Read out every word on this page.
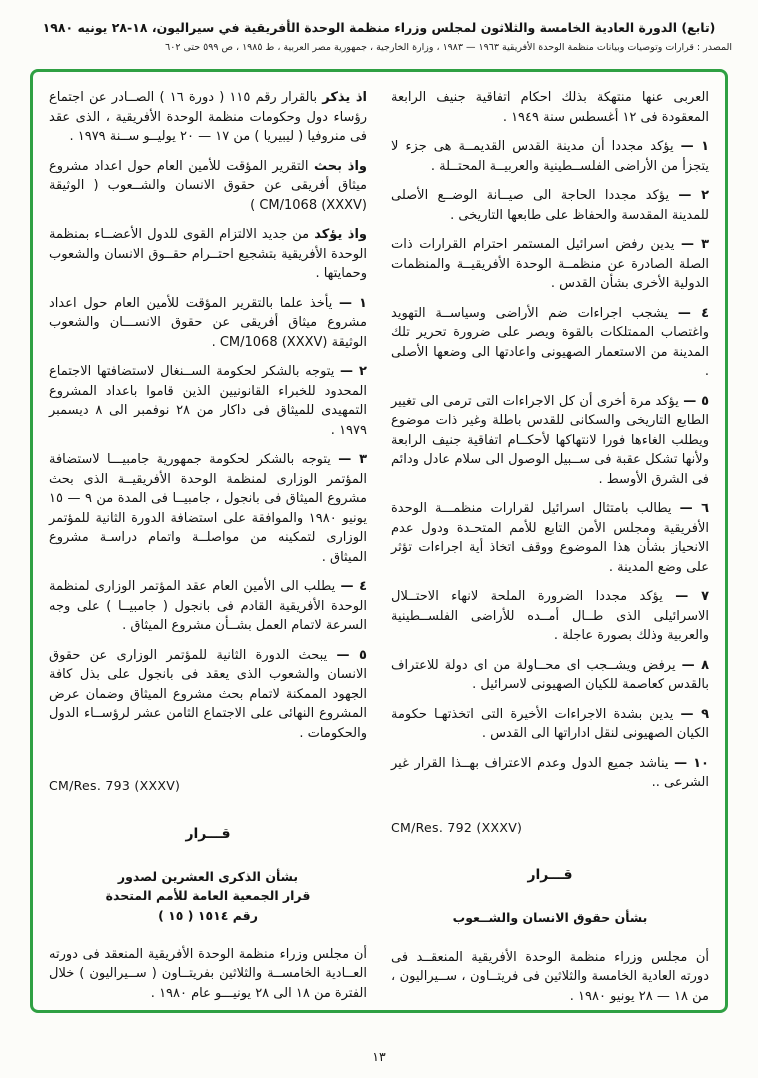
(تابع) الدورة العادية الخامسة والثلاثون لمجلس وزراء منظمة الوحدة الأفريقية في سيراليون، ١٨-٢٨ يونيه ١٩٨٠
المصدر : قرارات وتوصيات وبيانات منظمة الوحدة الأفريقية ١٩٦٣ — ١٩٨٣ ، وزارة الخارجية ، جمهورية مصر العربية ، ط ١٩٨٥ ، ص ٥٩٩ حتى ٦٠٢

العربى عنها منتهكة بذلك احكام اتفاقية جنيف الرابعة المعقودة فى ١٢ أغسطس سنة ١٩٤٩ .

١ — يؤكد مجددا أن مدينة القدس القديمــة هى جزء لا يتجزأ من الأراضى الفلســطينية والعربيــة المحتــلة .

٢ — يؤكد مجددا الحاجة الى صيــانة الوضــع الأصلى للمدينة المقدسة والحفاظ على طابعها التاريخى .

٣ — يدين رفض اسرائيل المستمر احترام القرارات ذات الصلة الصادرة عن منظمــة الوحدة الأفريقيــة والمنظمات الدولية الأخرى بشأن القدس .

٤ — يشجب اجراءات ضم الأراضى وسياســة التهويد واغتصاب الممتلكات بالقوة ويصر على ضرورة تحرير تلك المدينة من الاستعمار الصهيونى واعادتها الى وضعها الأصلى .

٥ — يؤكد مرة أخرى أن كل الاجراءات التى ترمى الى تغيير الطابع التاريخى والسكانى للقدس باطلة وغير ذات موضوع ويطلب الغاءها فورا لانتهاكها لأحكــام اتفاقية جنيف الرابعة ولأنها تشكل عقبة فى ســبيل الوصول الى سلام عادل ودائم فى الشرق الأوسط .

٦ — يطالب بامتثال اسرائيل لقرارات منظمـــة الوحدة الأفريقية ومجلس الأمن التابع للأمم المتحـدة ودول عدم الانحياز بشأن هذا الموضوع ووقف اتخاذ أية اجراءات تؤثر على وضع المدينة .

٧ — يؤكد مجددا الضرورة الملحة لانهاء الاحتــلال الاسرائيلى الذى طــال أمــده للأراضى الفلســطينية والعربية وذلك بصورة عاجلة .

٨ — يرفض ويشــجب اى محــاولة من اى دولة للاعتراف بالقدس كعاصمة للكيان الصهيونى لاسرائيل .

٩ — يدين بشدة الاجراءات الأخيرة التى اتخذتهـا حكومة الكيان الصهيونى لنقل اداراتها الى القدس .

١٠ — يناشد جميع الدول وعدم الاعتراف بهــذا القرار غير الشرعى ..

CM/Res. 792 (XXXV)
قـــرار
بشأن حقوق الانسان والشــعوب

أن مجلس وزراء منظمة الوحدة الأفريقية المنعقــد فى دورته العادية الخامسة والثلاثين فى فريتــاون ، ســيراليون ، من ١٨ — ٢٨ يونيو ١٩٨٠ .

اذ يذكر بالقرار رقم ١١٥ ( دورة ١٦ ) الصــادر عن اجتماع رؤساء دول وحكومات منظمة الوحدة الأفريقية ، الذى عقد فى منروفيا ( ليبيريا ) من ١٧ — ٢٠ يوليــو ســنة ١٩٧٩ .

واذ بحث التقرير المؤقت للأمين العام حول اعداد مشروع ميثاق أفريقى عن حقوق الانسان والشــعوب ( الوثيقة CM/1068 (XXXV) )

واذ يؤكد من جديد الالتزام القوى للدول الأعضــاء بمنظمة الوحدة الأفريقية بتشجيع احتــرام حقــوق الانسان والشعوب وحمايتها .

١ — يأخذ علما بالتقرير المؤقت للأمين العام حول اعداد مشروع ميثاق أفريقى عن حقوق الانســـان والشعوب الوثيقة CM/1068 (XXXV) .

٢ — يتوجه بالشكر لحكومة الســنغال لاستضافتها الاجتماع المحدود للخبراء القانونيين الذين قاموا باعداد المشروع التمهيدى للميثاق فى داكار من ٢٨ نوفمبر الى ٨ ديسمبر ١٩٧٩ .

٣ — يتوجه بالشكر لحكومة جمهورية جامبيـــا لاستضافة المؤتمر الوزارى لمنظمة الوحدة الأفريقيــة الذى بحث مشروع الميثاق فى بانجول ، جامبيــا فى المدة من ٩ — ١٥ يونيو ١٩٨٠ والموافقة على استضافة الدورة الثانية للمؤتمر الوزارى لتمكينه من مواصلــة واتمام دراسـة مشروع الميثاق .

٤ — يطلب الى الأمين العام عقد المؤتمر الوزارى لمنظمة الوحدة الأفريقية القادم فى بانجول ( جامبيــا ) على وجه السرعة لاتمام العمل بشــأن مشروع الميثاق .

٥ — يبحث الدورة الثانية للمؤتمر الوزارى عن حقوق الانسان والشعوب الذى يعقد فى بانجول على بذل كافة الجهود الممكنة لاتمام بحث مشروع الميثاق وضمان عرض المشروع النهائى على الاجتماع الثامن عشر لرؤســاء الدول والحكومات .

CM/Res. 793 (XXXV)
قـــرار
بشأن الذكرى العشرين لصدور
قرار الجمعية العامة للأمم المتحدة
رقم ١٥١٤ ( ١٥ )

أن مجلس وزراء منظمة الوحدة الأفريقية المنعقد فى دورته العــادية الخامســة والثلاثين بفريتــاون ( ســيراليون ) خلال الفترة من ١٨ الى ٢٨ يونيـــو عام ١٩٨٠ .

١٣
